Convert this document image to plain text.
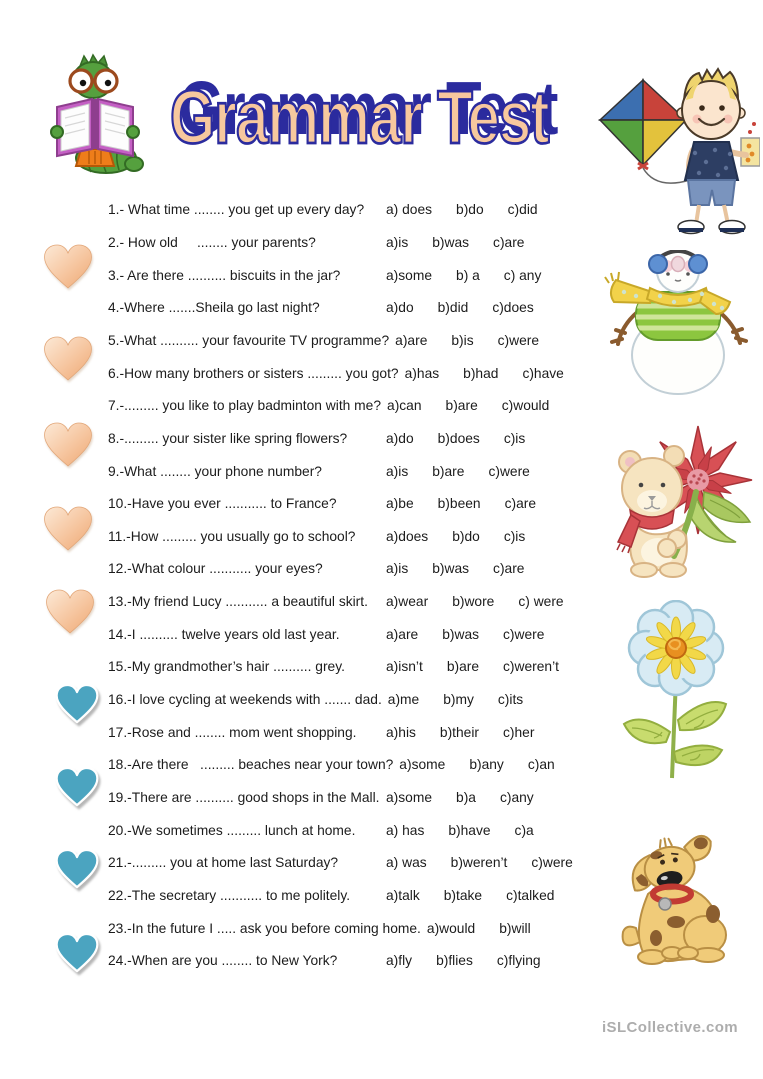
Grammar Test
1.- What time ........ you get up every day?	a) does b)do c)did
2.- How old     ........ your parents?	a)is b)was c)are
3.- Are there .......... biscuits in the jar?	a)some b) a c) any
4.-Where .......Sheila go last night?	a)do b)did c)does
5.-What .......... your favourite TV programme? a)are b)is c)were
6.-How many brothers or sisters ......... you got? a)has b)had c)have
7.-......... you like to play badminton with me? a)can b)are c)would
8.-......... your sister like spring flowers?	a)do b)does c)is
9.-What ........ your phone number?	a)is b)are c)were
10.-Have you ever ........... to France?	a)be b)been c)are
11.-How ......... you usually go to school?	a)does b)do c)is
12.-What colour ........... your eyes?	a)is b)was c)are
13.-My friend Lucy ........... a beautiful skirt.	a)wear b)wore c) were
14.-I .......... twelve years old last year.	a)are b)was c)were
15.-My grandmother’s hair .......... grey.	a)isn’t b)are c)weren’t
16.-I love cycling at weekends with ....... dad. a)me b)my c)its
17.-Rose and ........ mom went shopping.	a)his b)their c)her
18.-Are there   ......... beaches near your town? a)some b)any c)an
19.-There are .......... good shops in the Mall. a)some b)a c)any
20.-We sometimes ......... lunch at home.	a) has b)have c)a
21.-......... you at home last Saturday?	a) was b)weren’t c)were
22.-The secretary ........... to me politely.	a)talk b)take c)talked
23.-In the future I ..... ask you before coming home. a)would b)will
24.-When are you ........ to New York?	a)fly b)flies c)flying
iSLCollective.com
